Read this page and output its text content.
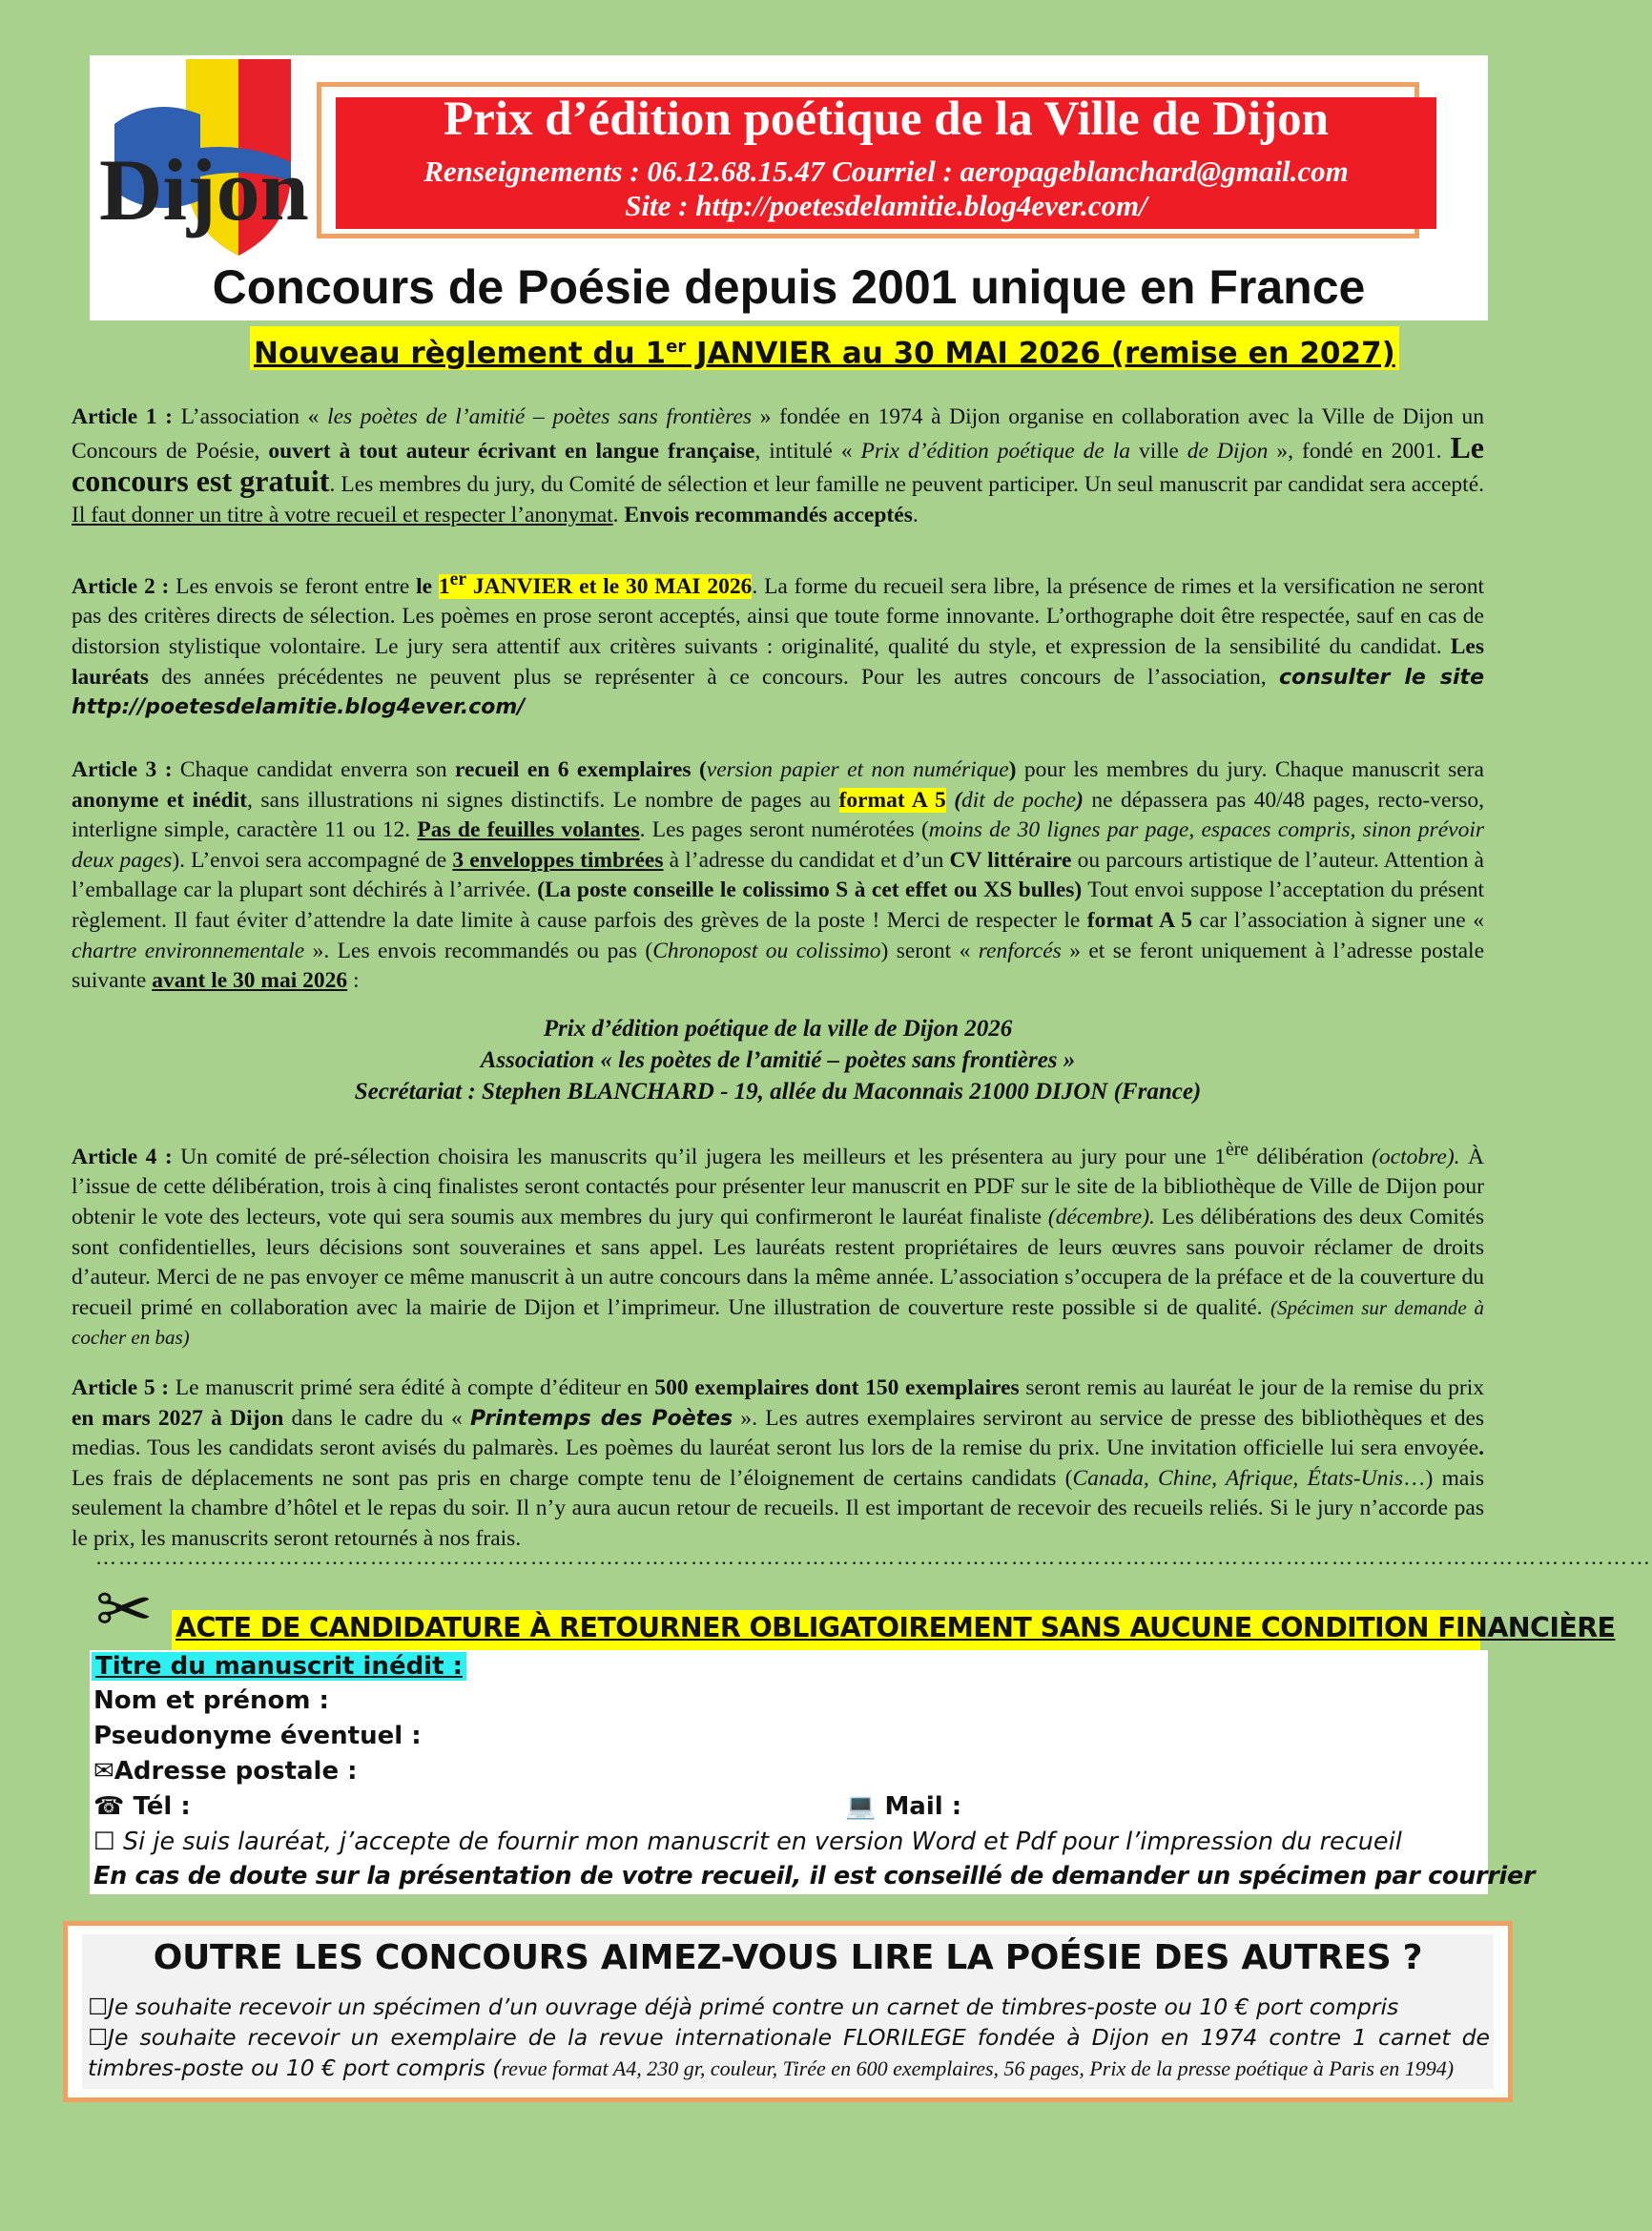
Dijon
Prix d’édition poétique de la Ville de Dijon
Renseignements : 06.12.68.15.47 Courriel : aeropageblanchard@gmail.com
Site : http://poetesdelamitie.blog4ever.com/
Concours de Poésie depuis 2001 unique en France
Nouveau règlement du 1er JANVIER au 30 MAI 2026 (remise en 2027)
Article 1 : L’association « les poètes de l’amitié – poètes sans frontières » fondée en 1974 à Dijon organise en collaboration avec la Ville de Dijon un Concours de Poésie, ouvert à tout auteur écrivant en langue française, intitulé « Prix d’édition poétique de la ville de Dijon », fondé en 2001. Le concours est gratuit. Les membres du jury, du Comité de sélection et leur famille ne peuvent participer. Un seul manuscrit par candidat sera accepté. Il faut donner un titre à votre recueil et respecter l’anonymat. Envois recommandés acceptés.
Article 2 : Les envois se feront entre le 1er JANVIER et le 30 MAI 2026. La forme du recueil sera libre, la présence de rimes et la versification ne seront pas des critères directs de sélection. Les poèmes en prose seront acceptés, ainsi que toute forme innovante. L’orthographe doit être respectée, sauf en cas de distorsion stylistique volontaire. Le jury sera attentif aux critères suivants : originalité, qualité du style, et expression de la sensibilité du candidat. Les lauréats des années précédentes ne peuvent plus se représenter à ce concours. Pour les autres concours de l’association, consulter le site http://poetesdelamitie.blog4ever.com/
Article 3 : Chaque candidat enverra son recueil en 6 exemplaires (version papier et non numérique) pour les membres du jury. Chaque manuscrit sera anonyme et inédit, sans illustrations ni signes distinctifs. Le nombre de pages au format A 5 (dit de poche) ne dépassera pas 40/48 pages, recto-verso, interligne simple, caractère 11 ou 12. Pas de feuilles volantes. Les pages seront numérotées (moins de 30 lignes par page, espaces compris, sinon prévoir deux pages). L’envoi sera accompagné de 3 enveloppes timbrées à l’adresse du candidat et d’un CV littéraire ou parcours artistique de l’auteur. Attention à l’emballage car la plupart sont déchirés à l’arrivée. (La poste conseille le colissimo S à cet effet ou XS bulles) Tout envoi suppose l’acceptation du présent règlement. Il faut éviter d’attendre la date limite à cause parfois des grèves de la poste ! Merci de respecter le format A 5 car l’association à signer une « chartre environnementale ». Les envois recommandés ou pas (Chronopost ou colissimo) seront « renforcés » et se feront uniquement à l’adresse postale suivante avant le 30 mai 2026 :
Prix d’édition poétique de la ville de Dijon 2026
Association « les poètes de l’amitié – poètes sans frontières »
Secrétariat : Stephen BLANCHARD - 19, allée du Maconnais 21000 DIJON (France)
Article 4 : Un comité de pré-sélection choisira les manuscrits qu’il jugera les meilleurs et les présentera au jury pour une 1ère délibération (octobre). À l’issue de cette délibération, trois à cinq finalistes seront contactés pour présenter leur manuscrit en PDF sur le site de la bibliothèque de Ville de Dijon pour obtenir le vote des lecteurs, vote qui sera soumis aux membres du jury qui confirmeront le lauréat finaliste (décembre). Les délibérations des deux Comités sont confidentielles, leurs décisions sont souveraines et sans appel. Les lauréats restent propriétaires de leurs œuvres sans pouvoir réclamer de droits d’auteur. Merci de ne pas envoyer ce même manuscrit à un autre concours dans la même année. L’association s’occupera de la préface et de la couverture du recueil primé en collaboration avec la mairie de Dijon et l’imprimeur. Une illustration de couverture reste possible si de qualité. (Spécimen sur demande à cocher en bas)
Article 5 : Le manuscrit primé sera édité à compte d’éditeur en 500 exemplaires dont 150 exemplaires seront remis au lauréat le jour de la remise du prix en mars 2027 à Dijon dans le cadre du « Printemps des Poètes ». Les autres exemplaires serviront au service de presse des bibliothèques et des medias. Tous les candidats seront avisés du palmarès. Les poèmes du lauréat seront lus lors de la remise du prix. Une invitation officielle lui sera envoyée. Les frais de déplacements ne sont pas pris en charge compte tenu de l’éloignement de certains candidats (Canada, Chine, Afrique, États-Unis…) mais seulement la chambre d’hôtel et le repas du soir. Il n’y aura aucun retour de recueils. Il est important de recevoir des recueils reliés. Si le jury n’accorde pas le prix, les manuscrits seront retournés à nos frais.
……………………………………………………………………………………………………………………………………………………………………………………
✂ ACTE DE CANDIDATURE À RETOURNER OBLIGATOIREMENT SANS AUCUNE CONDITION FINANCIÈRE
Titre du manuscrit inédit :
Nom et prénom :
Pseudonyme éventuel :
✉Adresse postale :
☎ Tél :	💻 Mail :
☐ Si je suis lauréat, j’accepte de fournir mon manuscrit en version Word et Pdf pour l’impression du recueil
En cas de doute sur la présentation de votre recueil, il est conseillé de demander un spécimen par courrier
OUTRE LES CONCOURS AIMEZ-VOUS LIRE LA POÉSIE DES AUTRES ?
☐Je souhaite recevoir un spécimen d’un ouvrage déjà primé contre un carnet de timbres-poste ou 10 € port compris
☐Je souhaite recevoir un exemplaire de la revue internationale FLORILEGE fondée à Dijon en 1974 contre 1 carnet de timbres-poste ou 10 € port compris (revue format A4, 230 gr, couleur, Tirée en 600 exemplaires, 56 pages, Prix de la presse poétique à Paris en 1994)
